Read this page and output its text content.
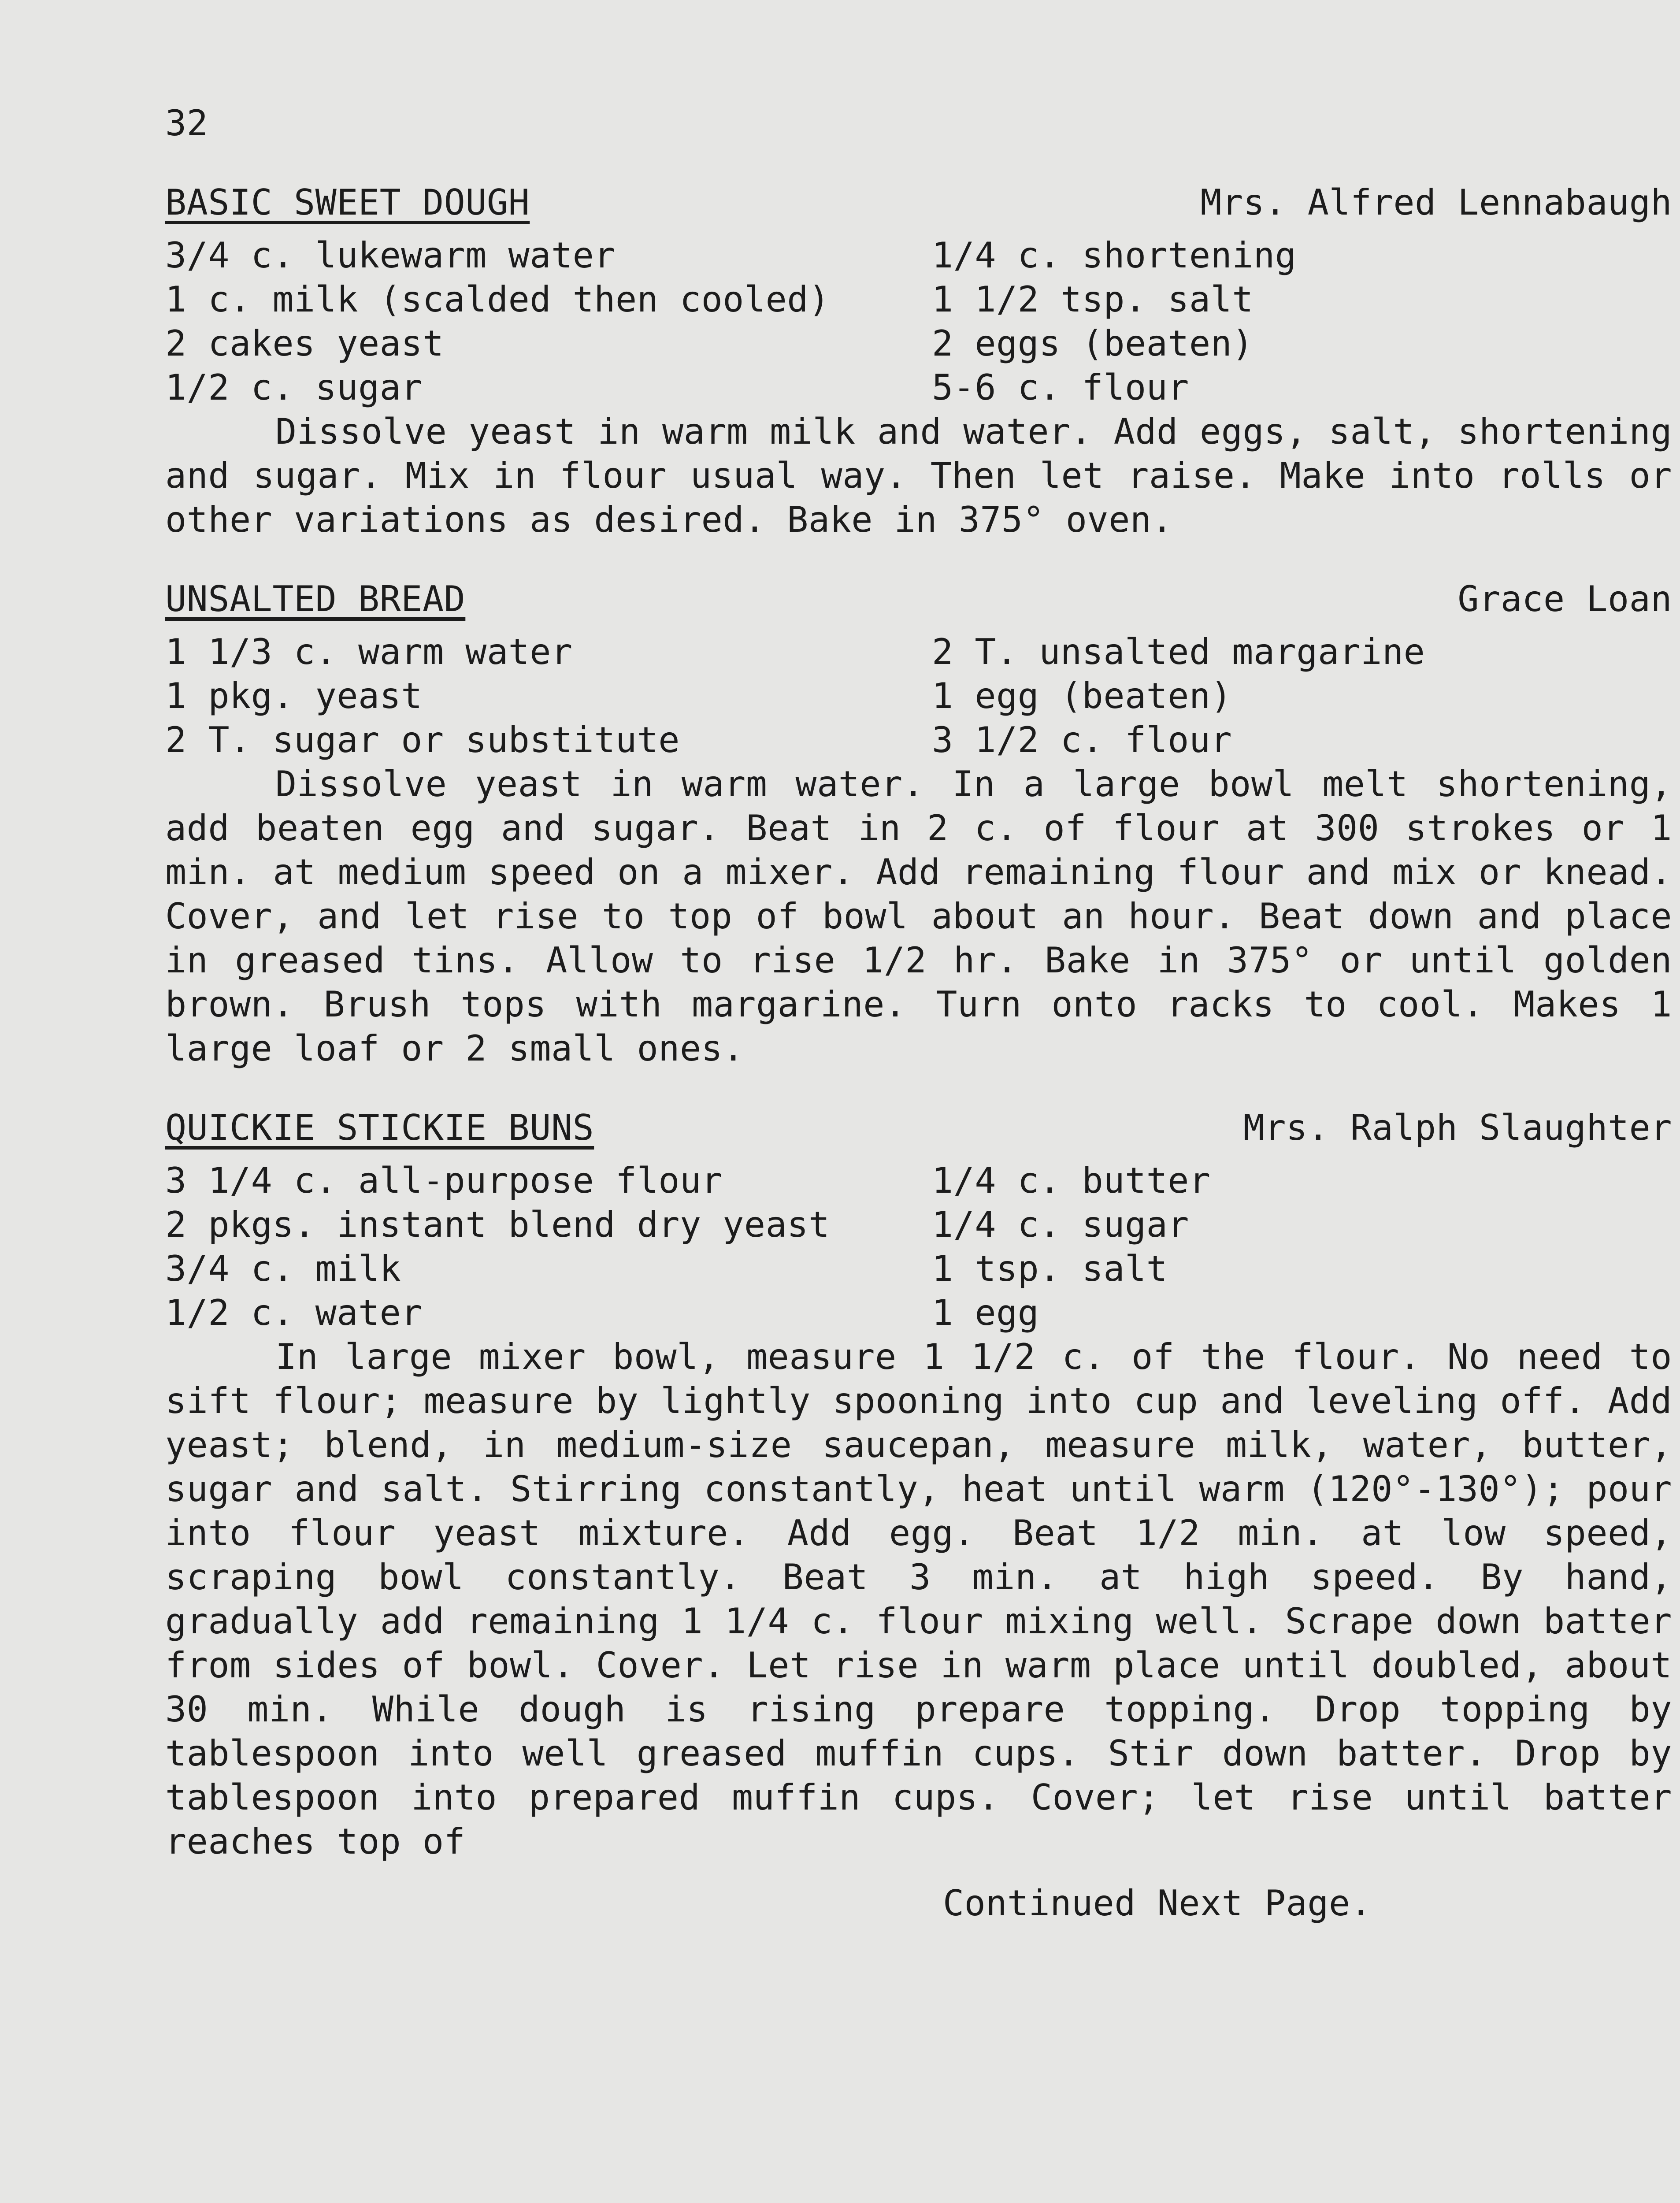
32
BASIC SWEET DOUGH	Mrs. Alfred Lennabaugh
3/4 c. lukewarm water	1/4 c. shortening
1 c. milk (scalded then cooled)	1 1/2 tsp. salt
2 cakes yeast	2 eggs (beaten)
1/2 c. sugar	5-6 c. flour

Dissolve yeast in warm milk and water. Add eggs, salt, shortening and sugar. Mix in flour usual way. Then let raise. Make into rolls or other variations as desired. Bake in 375° oven.

UNSALTED BREAD	Grace Loan
1 1/3 c. warm water	2 T. unsalted margarine
1 pkg. yeast	1 egg (beaten)
2 T. sugar or substitute	3 1/2 c. flour

Dissolve yeast in warm water. In a large bowl melt shortening, add beaten egg and sugar. Beat in 2 c. of flour at 300 strokes or 1 min. at medium speed on a mixer. Add remaining flour and mix or knead. Cover, and let rise to top of bowl about an hour. Beat down and place in greased tins. Allow to rise 1/2 hr. Bake in 375° or until golden brown. Brush tops with margarine. Turn onto racks to cool. Makes 1 large loaf or 2 small ones.

QUICKIE STICKIE BUNS	Mrs. Ralph Slaughter
3 1/4 c. all-purpose flour	1/4 c. butter
2 pkgs. instant blend dry yeast	1/4 c. sugar
3/4 c. milk	1 tsp. salt
1/2 c. water	1 egg

In large mixer bowl, measure 1 1/2 c. of the flour. No need to sift flour; measure by lightly spooning into cup and leveling off. Add yeast; blend, in medium-size saucepan, measure milk, water, butter, sugar and salt. Stirring constantly, heat until warm (120°-130°); pour into flour yeast mixture. Add egg. Beat 1/2 min. at low speed, scraping bowl constantly. Beat 3 min. at high speed. By hand, gradually add remaining 1 1/4 c. flour mixing well. Scrape down batter from sides of bowl. Cover. Let rise in warm place until doubled, about 30 min. While dough is rising prepare topping. Drop topping by tablespoon into well greased muffin cups. Stir down batter. Drop by tablespoon into prepared muffin cups. Cover; let rise until batter reaches top of

Continued Next Page.
